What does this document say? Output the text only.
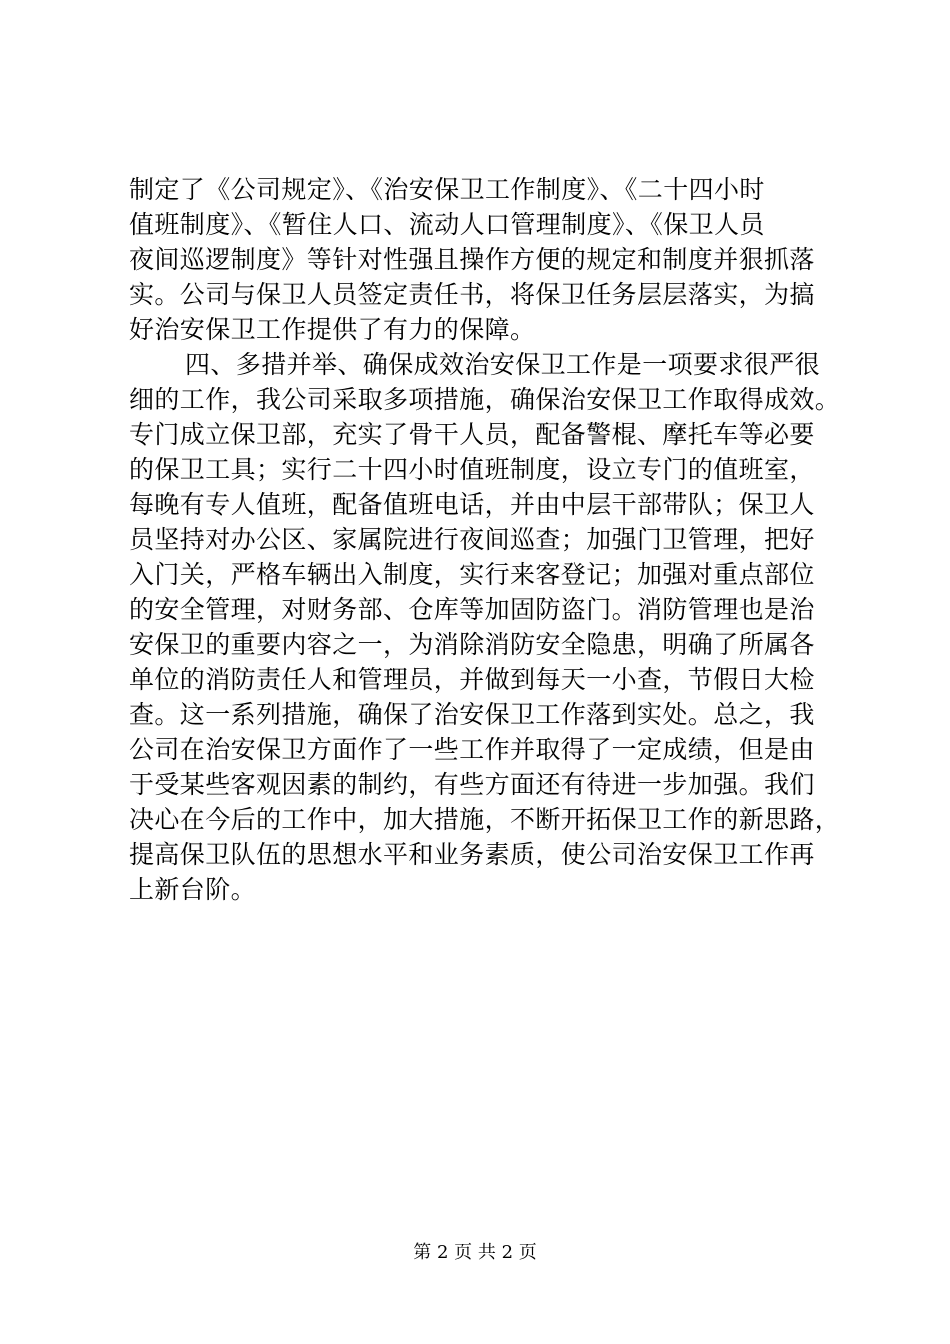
制定了《公司规定》、《治安保卫工作制度》、《二十四小时
值班制度》、《暂住人口、流动人口管理制度》、《保卫人员
夜间巡逻制度》等针对性强且操作方便的规定和制度并狠抓落
实。公司与保卫人员签定责任书，将保卫任务层层落实，为搞
好治安保卫工作提供了有力的保障。
四、多措并举、确保成效治安保卫工作是一项要求很严很
细的工作，我公司采取多项措施，确保治安保卫工作取得成效。
专门成立保卫部，充实了骨干人员，配备警棍、摩托车等必要
的保卫工具；实行二十四小时值班制度，设立专门的值班室，
每晚有专人值班，配备值班电话，并由中层干部带队；保卫人
员坚持对办公区、家属院进行夜间巡查；加强门卫管理，把好
入门关，严格车辆出入制度，实行来客登记；加强对重点部位
的安全管理，对财务部、仓库等加固防盗门。消防管理也是治
安保卫的重要内容之一，为消除消防安全隐患，明确了所属各
单位的消防责任人和管理员，并做到每天一小查，节假日大检
查。这一系列措施，确保了治安保卫工作落到实处。总之，我
公司在治安保卫方面作了一些工作并取得了一定成绩，但是由
于受某些客观因素的制约，有些方面还有待进一步加强。我们
决心在今后的工作中，加大措施，不断开拓保卫工作的新思路，
提高保卫队伍的思想水平和业务素质，使公司治安保卫工作再
上新台阶。
第 2 页 共 2 页
